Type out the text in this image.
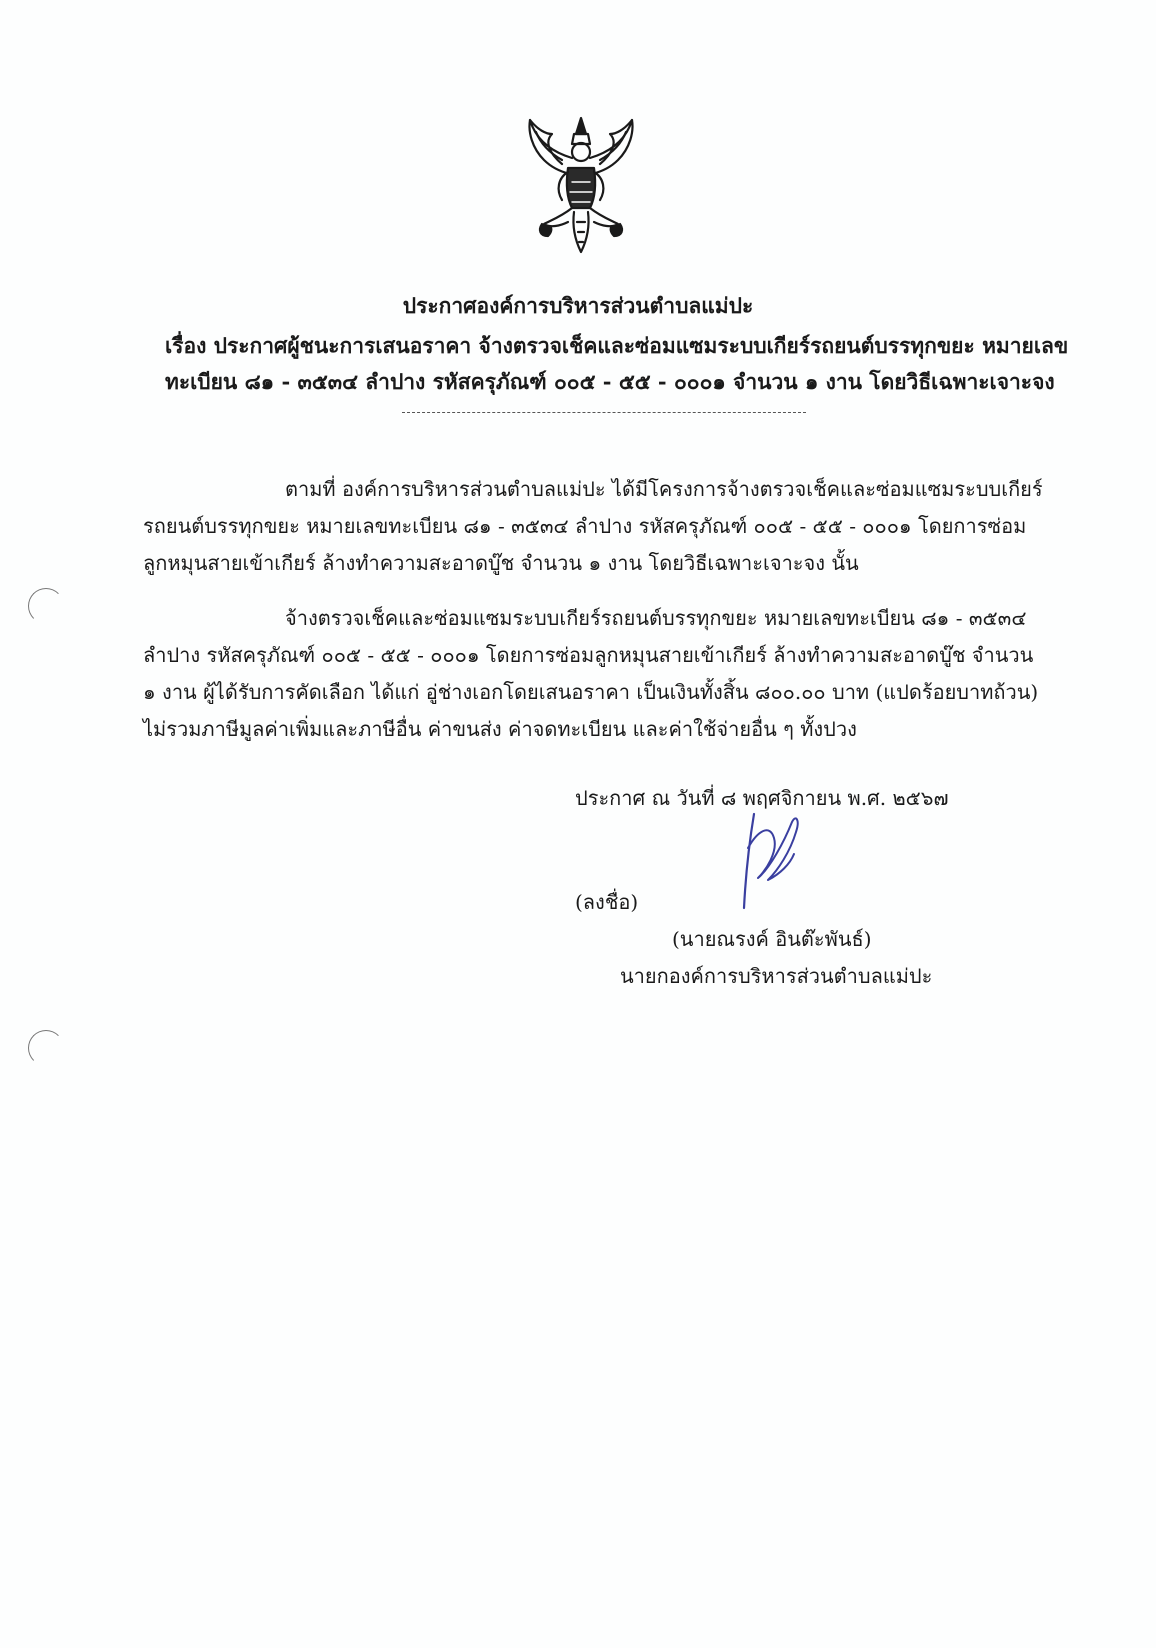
ประกาศองค์การบริหารส่วนตำบลแม่ปะ
เรื่อง ประกาศผู้ชนะการเสนอราคา จ้างตรวจเช็คและซ่อมแซมระบบเกียร์รถยนต์บรรทุกขยะ หมายเลข
ทะเบียน ๘๑ - ๓๕๓๔ ลำปาง รหัสครุภัณฑ์ ๐๐๕ - ๕๕ - ๐๐๐๑ จำนวน ๑ งาน โดยวิธีเฉพาะเจาะจง
ตามที่ องค์การบริหารส่วนตำบลแม่ปะ ได้มีโครงการจ้างตรวจเช็คและซ่อมแซมระบบเกียร์
รถยนต์บรรทุกขยะ หมายเลขทะเบียน ๘๑ - ๓๕๓๔ ลำปาง รหัสครุภัณฑ์ ๐๐๕ - ๕๕ - ๐๐๐๑ โดยการซ่อม
ลูกหมุนสายเข้าเกียร์ ล้างทำความสะอาดบู๊ช จำนวน ๑ งาน โดยวิธีเฉพาะเจาะจง นั้น
จ้างตรวจเช็คและซ่อมแซมระบบเกียร์รถยนต์บรรทุกขยะ หมายเลขทะเบียน ๘๑ - ๓๕๓๔
ลำปาง รหัสครุภัณฑ์ ๐๐๕ - ๕๕ - ๐๐๐๑ โดยการซ่อมลูกหมุนสายเข้าเกียร์ ล้างทำความสะอาดบู๊ช จำนวน
๑ งาน ผู้ได้รับการคัดเลือก ได้แก่ อู่ช่างเอกโดยเสนอราคา เป็นเงินทั้งสิ้น ๘๐๐.๐๐ บาท (แปดร้อยบาทถ้วน)
ไม่รวมภาษีมูลค่าเพิ่มและภาษีอื่น ค่าขนส่ง ค่าจดทะเบียน และค่าใช้จ่ายอื่น ๆ ทั้งปวง
ประกาศ ณ วันที่ ๘ พฤศจิกายน พ.ศ. ๒๕๖๗
(ลงชื่อ)
(นายณรงค์ อินต๊ะพันธ์)
นายกองค์การบริหารส่วนตำบลแม่ปะ
